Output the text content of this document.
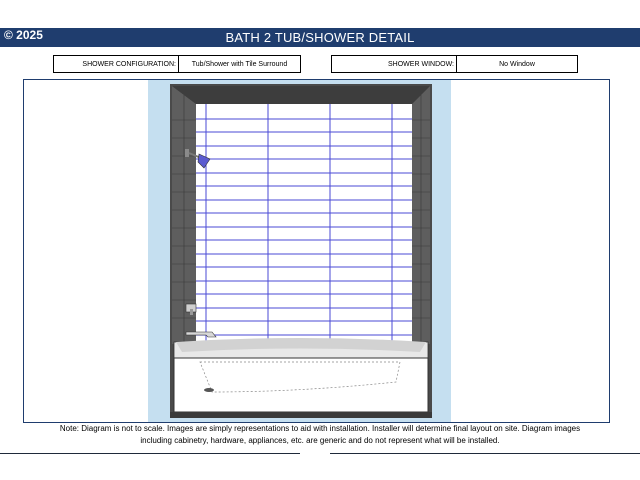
© 2025	BATH 2 TUB/SHOWER DETAIL
SHOWER CONFIGURATION:	Tub/Shower with Tile Surround	SHOWER WINDOW:	No Window
Note: Diagram is not to scale. Images are simply representations to aid with installation. Installer will determine final layout on site. Diagram images
including cabinetry, hardware, appliances, etc. are generic and do not represent what will be installed.
